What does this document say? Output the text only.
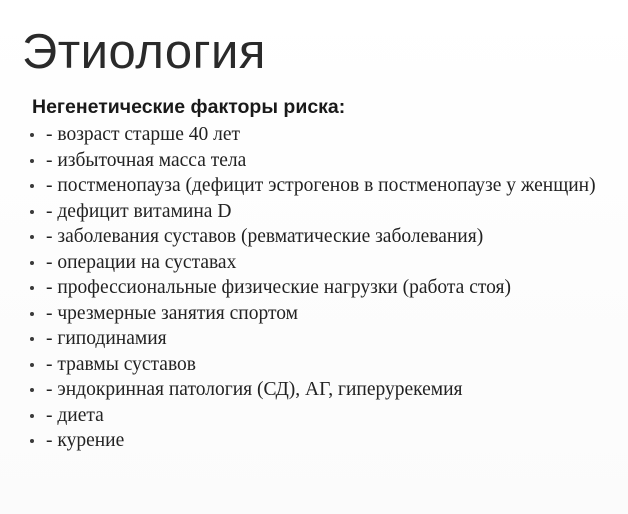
Этиология
Негенетические факторы риска:
- возраст старше 40 лет
- избыточная масса тела
- постменопауза (дефицит эстрогенов в постменопаузе у женщин)
- дефицит витамина D
- заболевания суставов (ревматические заболевания)
- операции на суставах
- профессиональные физические нагрузки (работа стоя)
- чрезмерные занятия спортом
- гиподинамия
- травмы суставов
- эндокринная патология (СД), АГ, гиперурекемия
- диета
- курение
